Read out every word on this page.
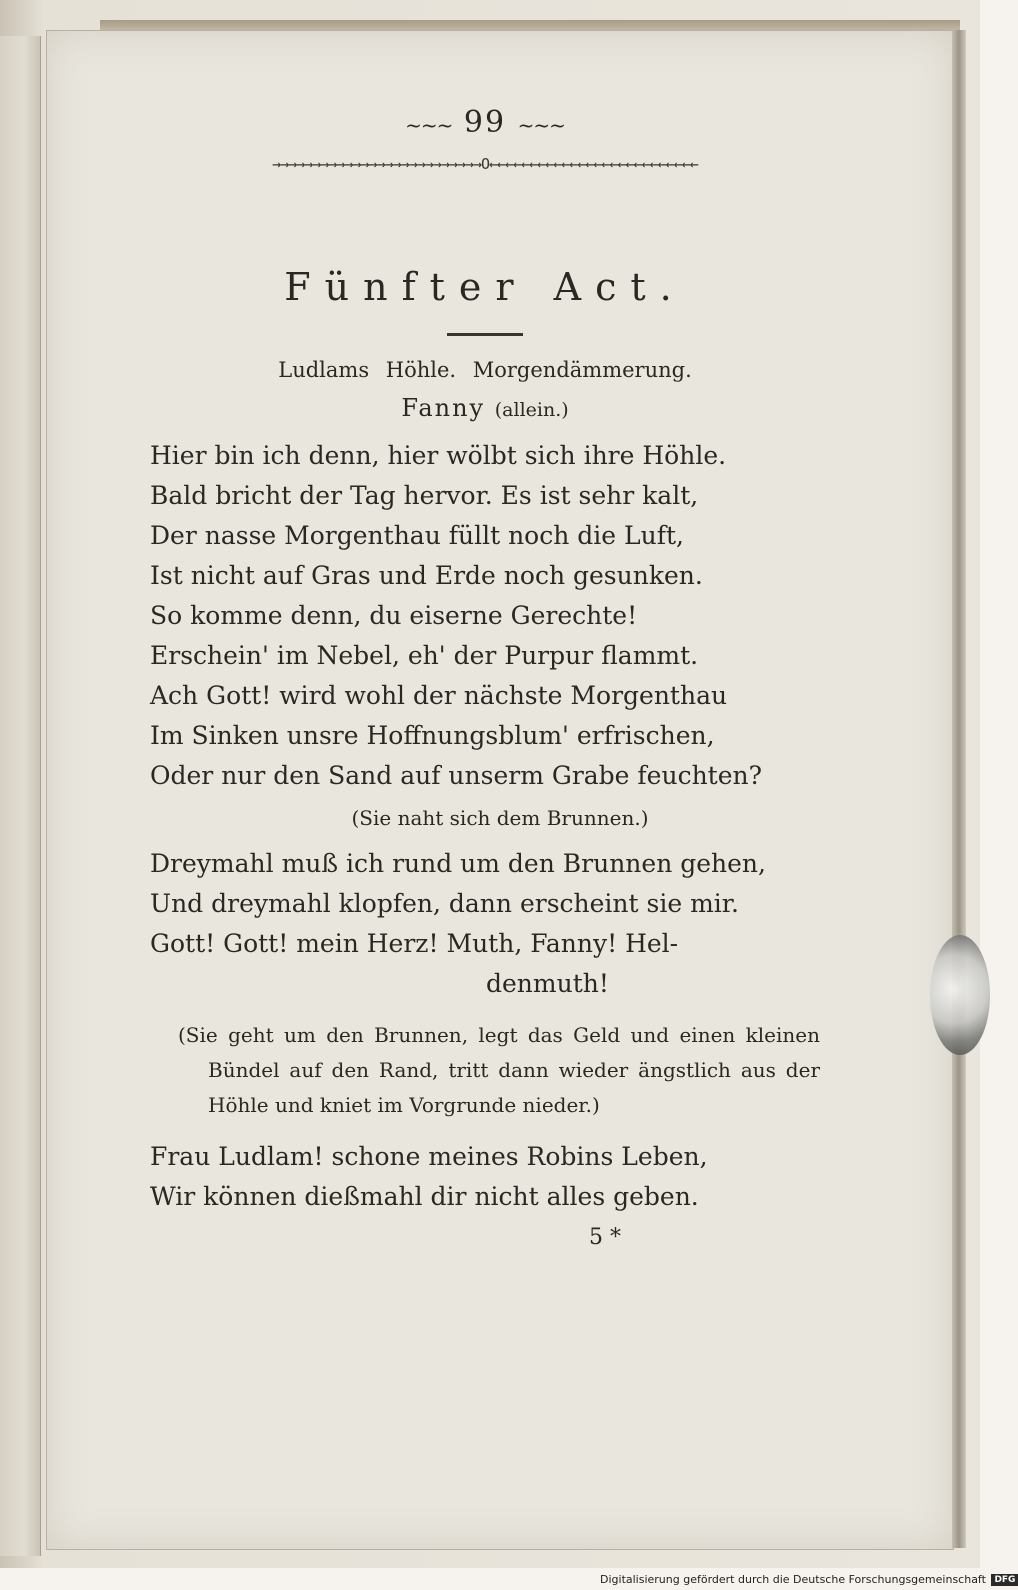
~~~ 99 ~~~
→→→→→→→→→→→→→→→→→→→→→→→→→→O←←←←←←←←←←←←←←←←←←←←←←←←←←
Fünfter Act.
Ludlams Höhle. Morgendämmerung.
Fanny (allein.)
Hier bin ich denn, hier wölbt sich ihre Höhle.
Bald bricht der Tag hervor. Es ist sehr kalt,
Der nasse Morgenthau füllt noch die Luft,
Ist nicht auf Gras und Erde noch gesunken.
So komme denn, du eiserne Gerechte!
Erschein' im Nebel, eh' der Purpur flammt.
Ach Gott! wird wohl der nächste Morgenthau
Im Sinken unsre Hoffnungsblum' erfrischen,
Oder nur den Sand auf unserm Grabe feuchten?
(Sie naht sich dem Brunnen.)
Dreymahl muß ich rund um den Brunnen gehen,
Und dreymahl klopfen, dann erscheint sie mir.
Gott! Gott! mein Herz! Muth, Fanny! Hel-
denmuth!
(Sie geht um den Brunnen, legt das Geld und einen kleinen Bündel auf den Rand, tritt dann wieder ängstlich aus der Höhle und kniet im Vorgrunde nieder.)
Frau Ludlam! schone meines Robins Leben,
Wir können dießmahl dir nicht alles geben.
5 *
Digitalisierung gefördert durch die Deutsche Forschungsgemeinschaft DFG
